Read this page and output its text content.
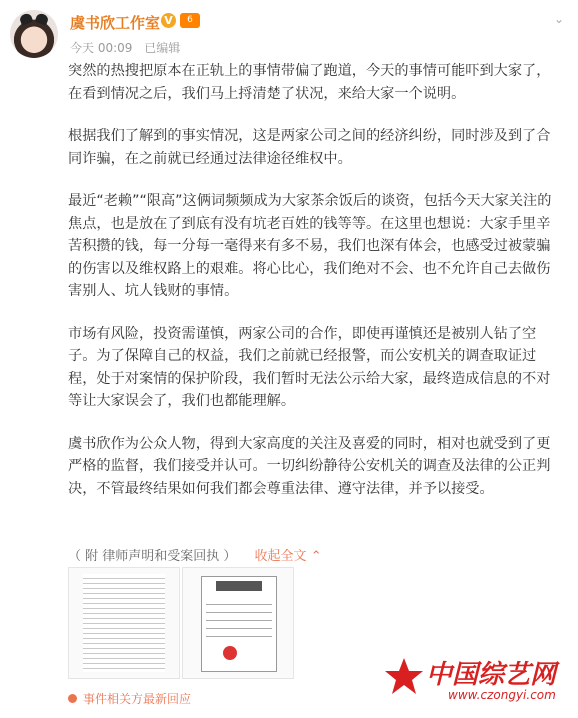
虞书欣工作室 V	6	⌄
今天 00:09 已编辑

突然的热搜把原本在正轨上的事情带偏了跑道，今天的事情可能吓到大家了，在看到情况之后，我们马上捋清楚了状况，来给大家一个说明。

根据我们了解到的事实情况，这是两家公司之间的经济纠纷，同时涉及到了合同诈骗，在之前就已经通过法律途径维权中。

最近“老赖”“限高”这俩词频频成为大家茶余饭后的谈资，包括今天大家关注的焦点，也是放在了到底有没有坑老百姓的钱等等。在这里也想说：大家手里辛苦积攒的钱，每一分每一毫得来有多不易，我们也深有体会，也感受过被蒙骗的伤害以及维权路上的艰难。将心比心，我们绝对不会、也不允许自己去做伤害别人、坑人钱财的事情。

市场有风险，投资需谨慎，两家公司的合作，即使再谨慎还是被别人钻了空子。为了保障自己的权益，我们之前就已经报警，而公安机关的调查取证过程，处于对案情的保护阶段，我们暂时无法公示给大家，最终造成信息的不对等让大家误会了，我们也都能理解。

虞书欣作为公众人物，得到大家高度的关注及喜爱的同时，相对也就受到了更严格的监督，我们接受并认可。一切纠纷静待公安机关的调查及法律的公正判决，不管最终结果如何我们都会尊重法律、遵守法律，并予以接受。

（ 附 律师声明和受案回执 ） 收起全文 ⌃
事件相关方最新回应
中国综艺网
www.czongyi.com
